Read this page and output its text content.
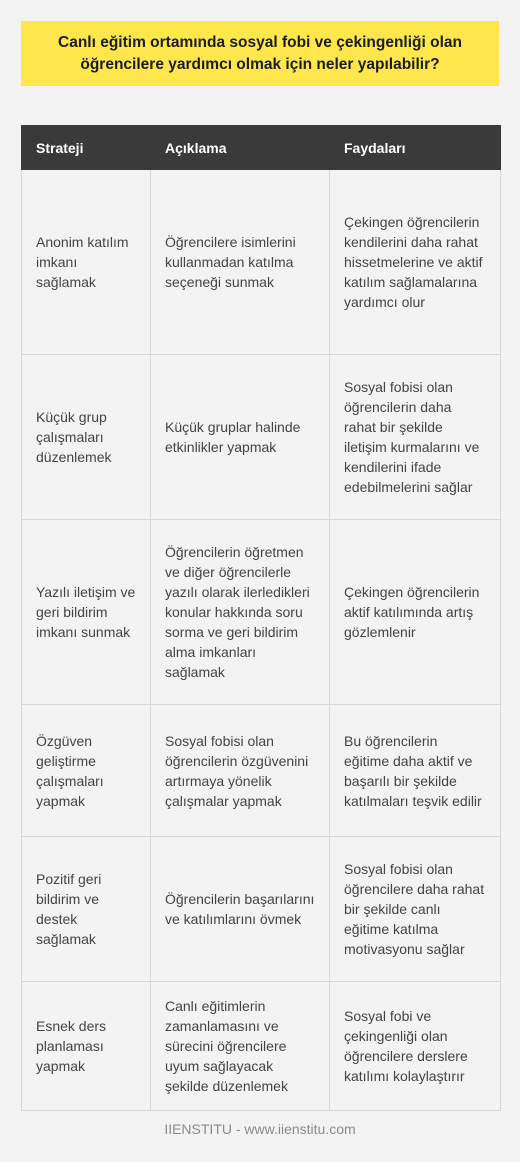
Canlı eğitim ortamında sosyal fobi ve çekingenliği olan öğrencilere yardımcı olmak için neler yapılabilir?
Strateji	Açıklama	Faydaları
Anonim katılım imkanı sağlamak	Öğrencilere isimlerini kullanmadan katılma seçeneği sunmak	Çekingen öğrencilerin kendilerini daha rahat hissetmelerine ve aktif katılım sağlamalarına yardımcı olur
Küçük grup çalışmaları düzenlemek	Küçük gruplar halinde etkinlikler yapmak	Sosyal fobisi olan öğrencilerin daha rahat bir şekilde iletişim kurmalarını ve kendilerini ifade edebilmelerini sağlar
Yazılı iletişim ve geri bildirim imkanı sunmak	Öğrencilerin öğretmen ve diğer öğrencilerle yazılı olarak ilerledikleri konular hakkında soru sorma ve geri bildirim alma imkanları sağlamak	Çekingen öğrencilerin aktif katılımında artış gözlemlenir
Özgüven geliştirme çalışmaları yapmak	Sosyal fobisi olan öğrencilerin özgüvenini artırmaya yönelik çalışmalar yapmak	Bu öğrencilerin eğitime daha aktif ve başarılı bir şekilde katılmaları teşvik edilir
Pozitif geri bildirim ve destek sağlamak	Öğrencilerin başarılarını ve katılımlarını övmek	Sosyal fobisi olan öğrencilere daha rahat bir şekilde canlı eğitime katılma motivasyonu sağlar
Esnek ders planlaması yapmak	Canlı eğitimlerin zamanlamasını ve sürecini öğrencilere uyum sağlayacak şekilde düzenlemek	Sosyal fobi ve çekingenliği olan öğrencilere derslere katılımı kolaylaştırır
IIENSTITU - www.iienstitu.com
